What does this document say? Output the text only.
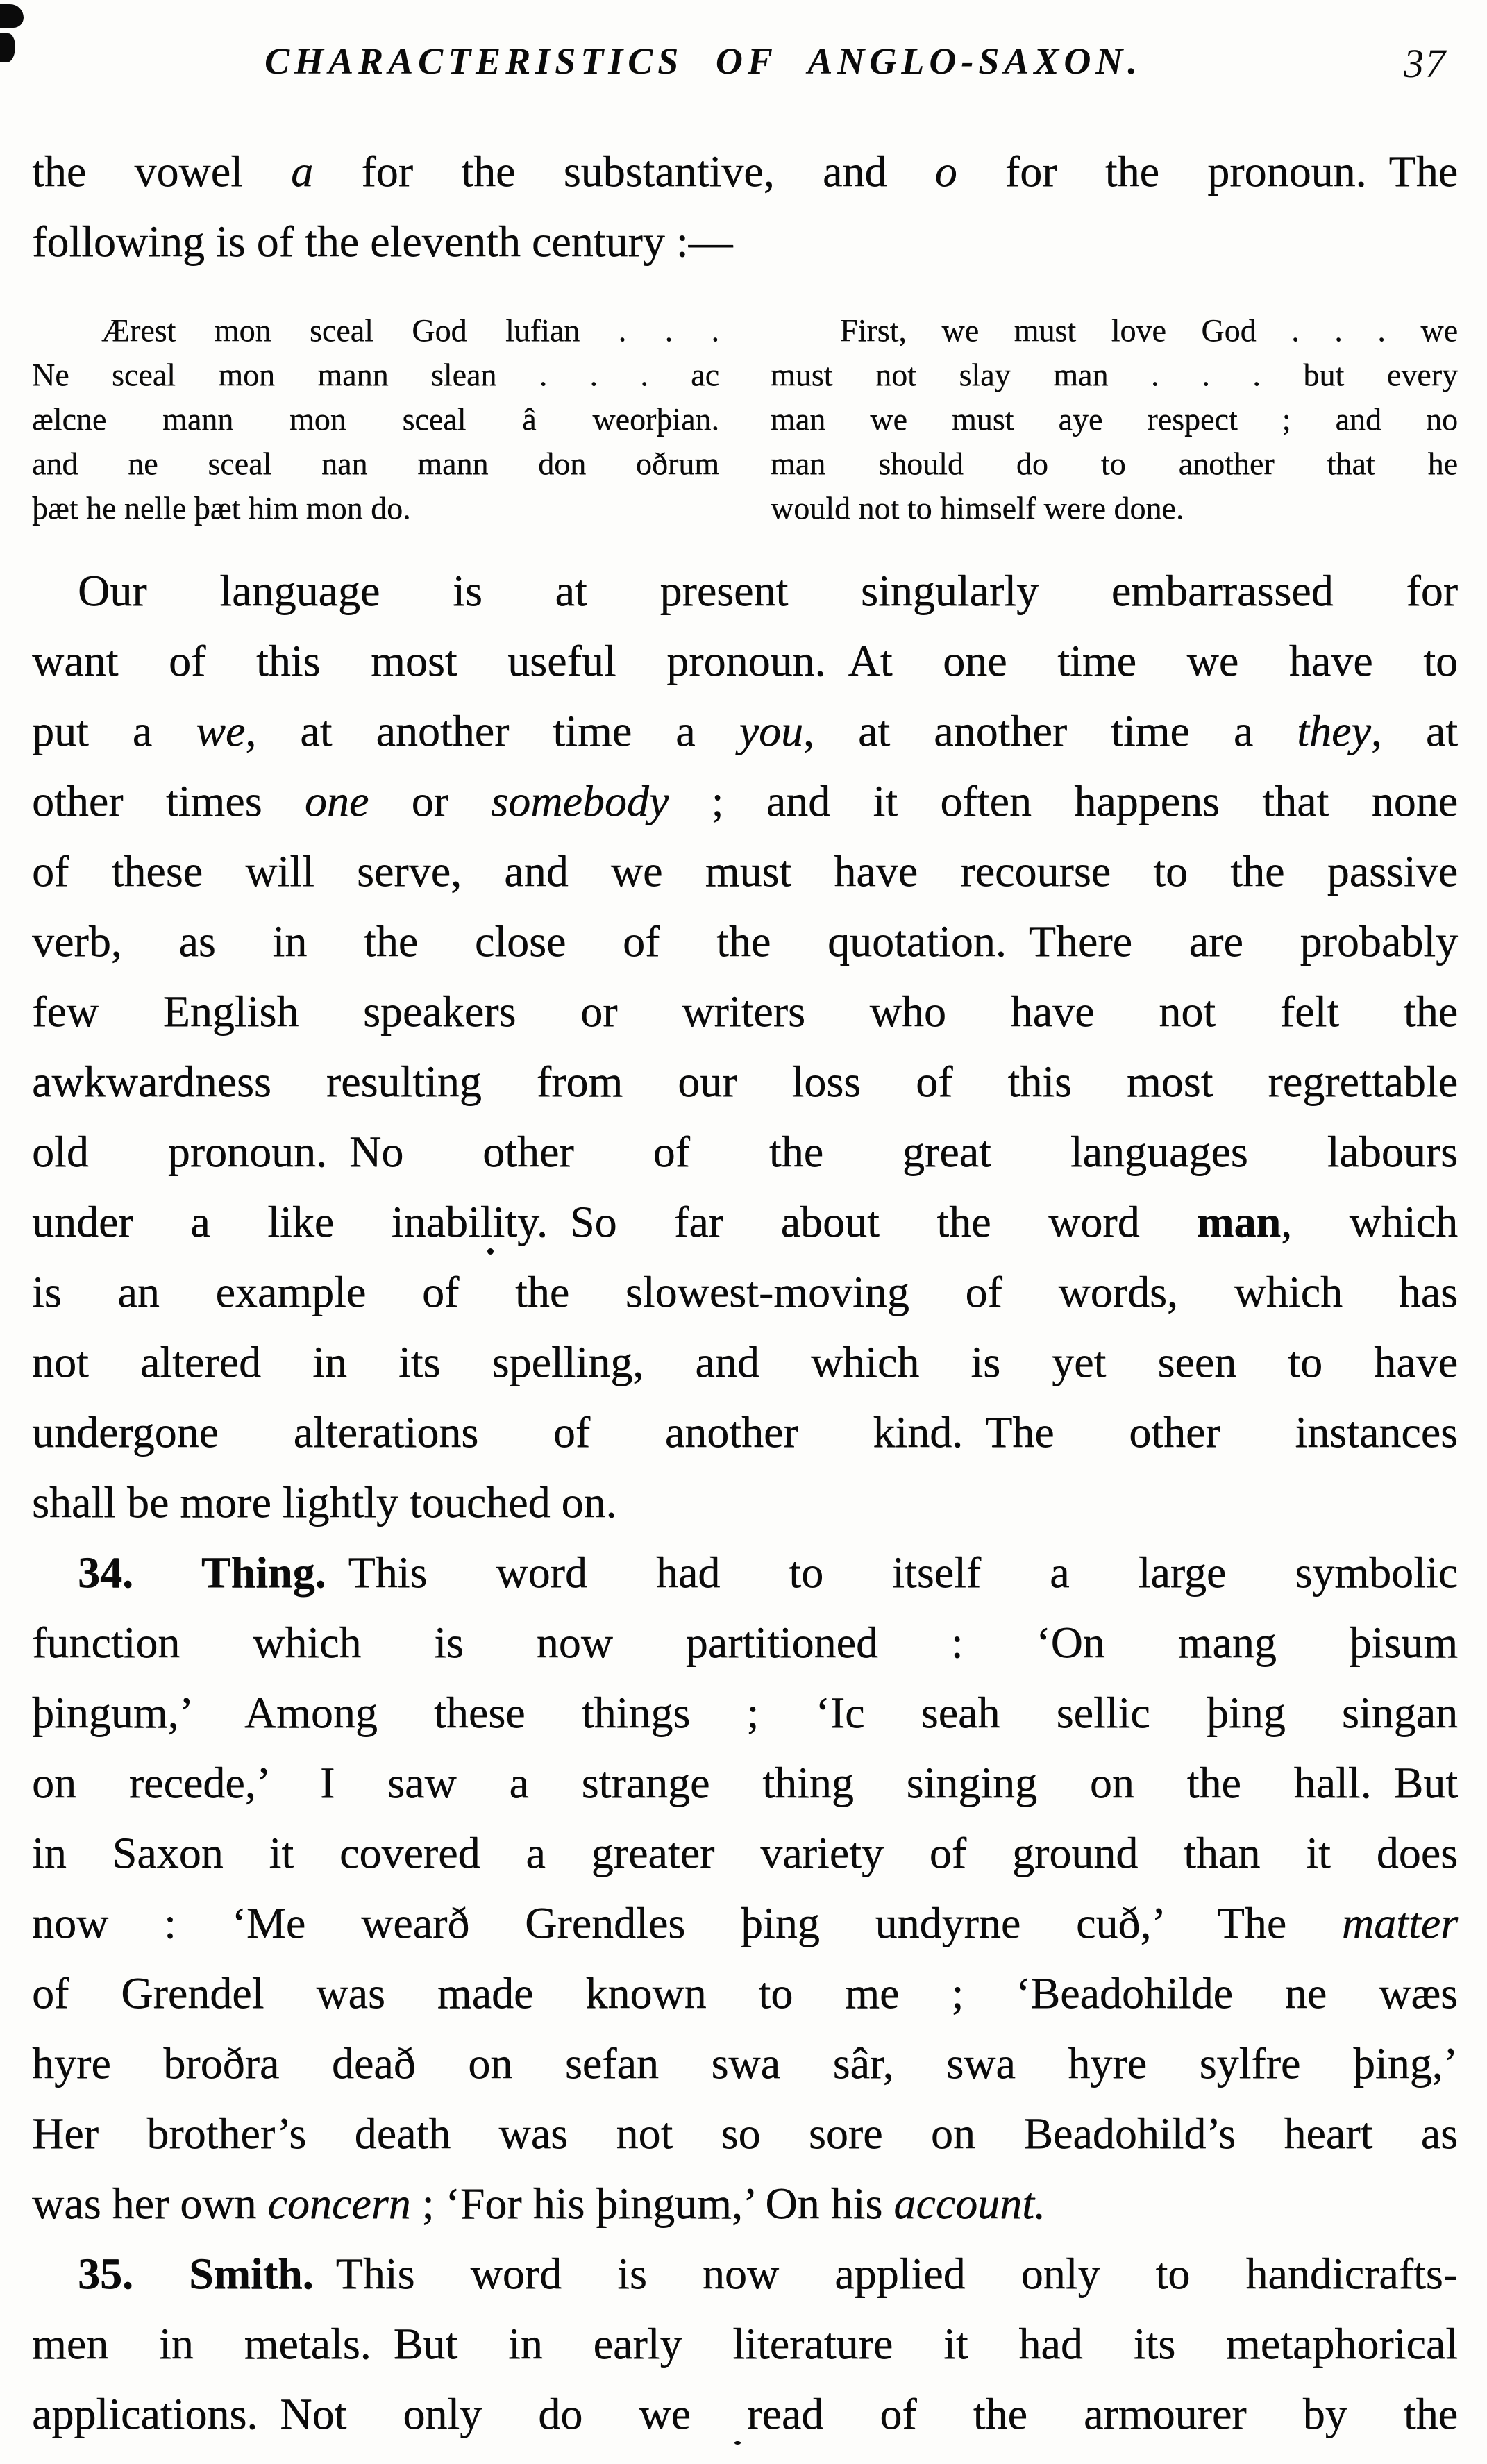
CHARACTERISTICS OF ANGLO-SAXON.	37
the vowel a for the substantive, and o for the pronoun. The
following is of the eleventh century :—
Ærest mon sceal God lufian . . .
Ne sceal mon mann slean . . . ac
ælcne mann mon sceal â weorþian.
and ne sceal nan mann don oðrum
þæt he nelle þæt him mon do.
First, we must love God . . . we
must not slay man . . . but every
man we must aye respect ; and no
man should do to another that he
would not to himself were done.
Our language is at present singularly embarrassed for
want of this most useful pronoun. At one time we have to
put a we, at another time a you, at another time a they, at
other times one or somebody ; and it often happens that none
of these will serve, and we must have recourse to the passive
verb, as in the close of the quotation. There are probably
few English speakers or writers who have not felt the
awkwardness resulting from our loss of this most regrettable
old pronoun. No other of the great languages labours
under a like inability. So far about the word man, which
is an example of the slowest-moving of words, which has
not altered in its spelling, and which is yet seen to have
undergone alterations of another kind. The other instances
shall be more lightly touched on.
34. Thing. This word had to itself a large symbolic
function which is now partitioned : ‘On mang þisum
þingum,’ Among these things ; ‘Ic seah sellic þing singan
on recede,’ I saw a strange thing singing on the hall. But
in Saxon it covered a greater variety of ground than it does
now : ‘Me wearð Grendles þing undyrne cuð,’ The matter
of Grendel was made known to me ; ‘Beadohilde ne wæs
hyre broðra deað on sefan swa sâr, swa hyre sylfre þing,’
Her brother’s death was not so sore on Beadohild’s heart as
was her own concern ; ‘For his þingum,’ On his account.
35. Smith. This word is now applied only to handicrafts-
men in metals. But in early literature it had its metaphorical
applications. Not only do we read of the armourer by the
